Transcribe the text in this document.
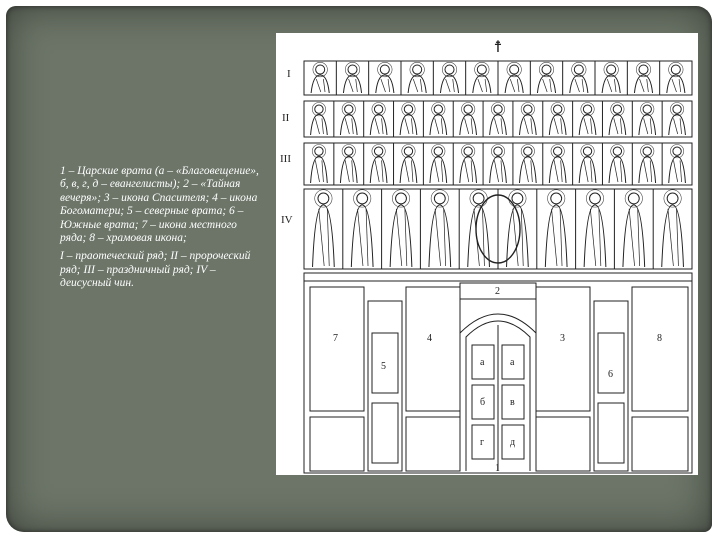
1 – Царские врата (а – «Благовещение», б, в, г, д – евангелисты); 2 – «Тайная вечеря»; 3 – икона Спасителя; 4 – икона Богоматери; 5 – северные врата; 6 – Южные врата; 7 – икона местного ряда; 8 – храмовая икона;

I – праотеческий ряд; II – пророческий ряд; III – праздничный ряд; IV – деисусный чин.

☨
I
II
III
IV
7
5
4
2
3
6
8
1
а	а
б в
г	д
